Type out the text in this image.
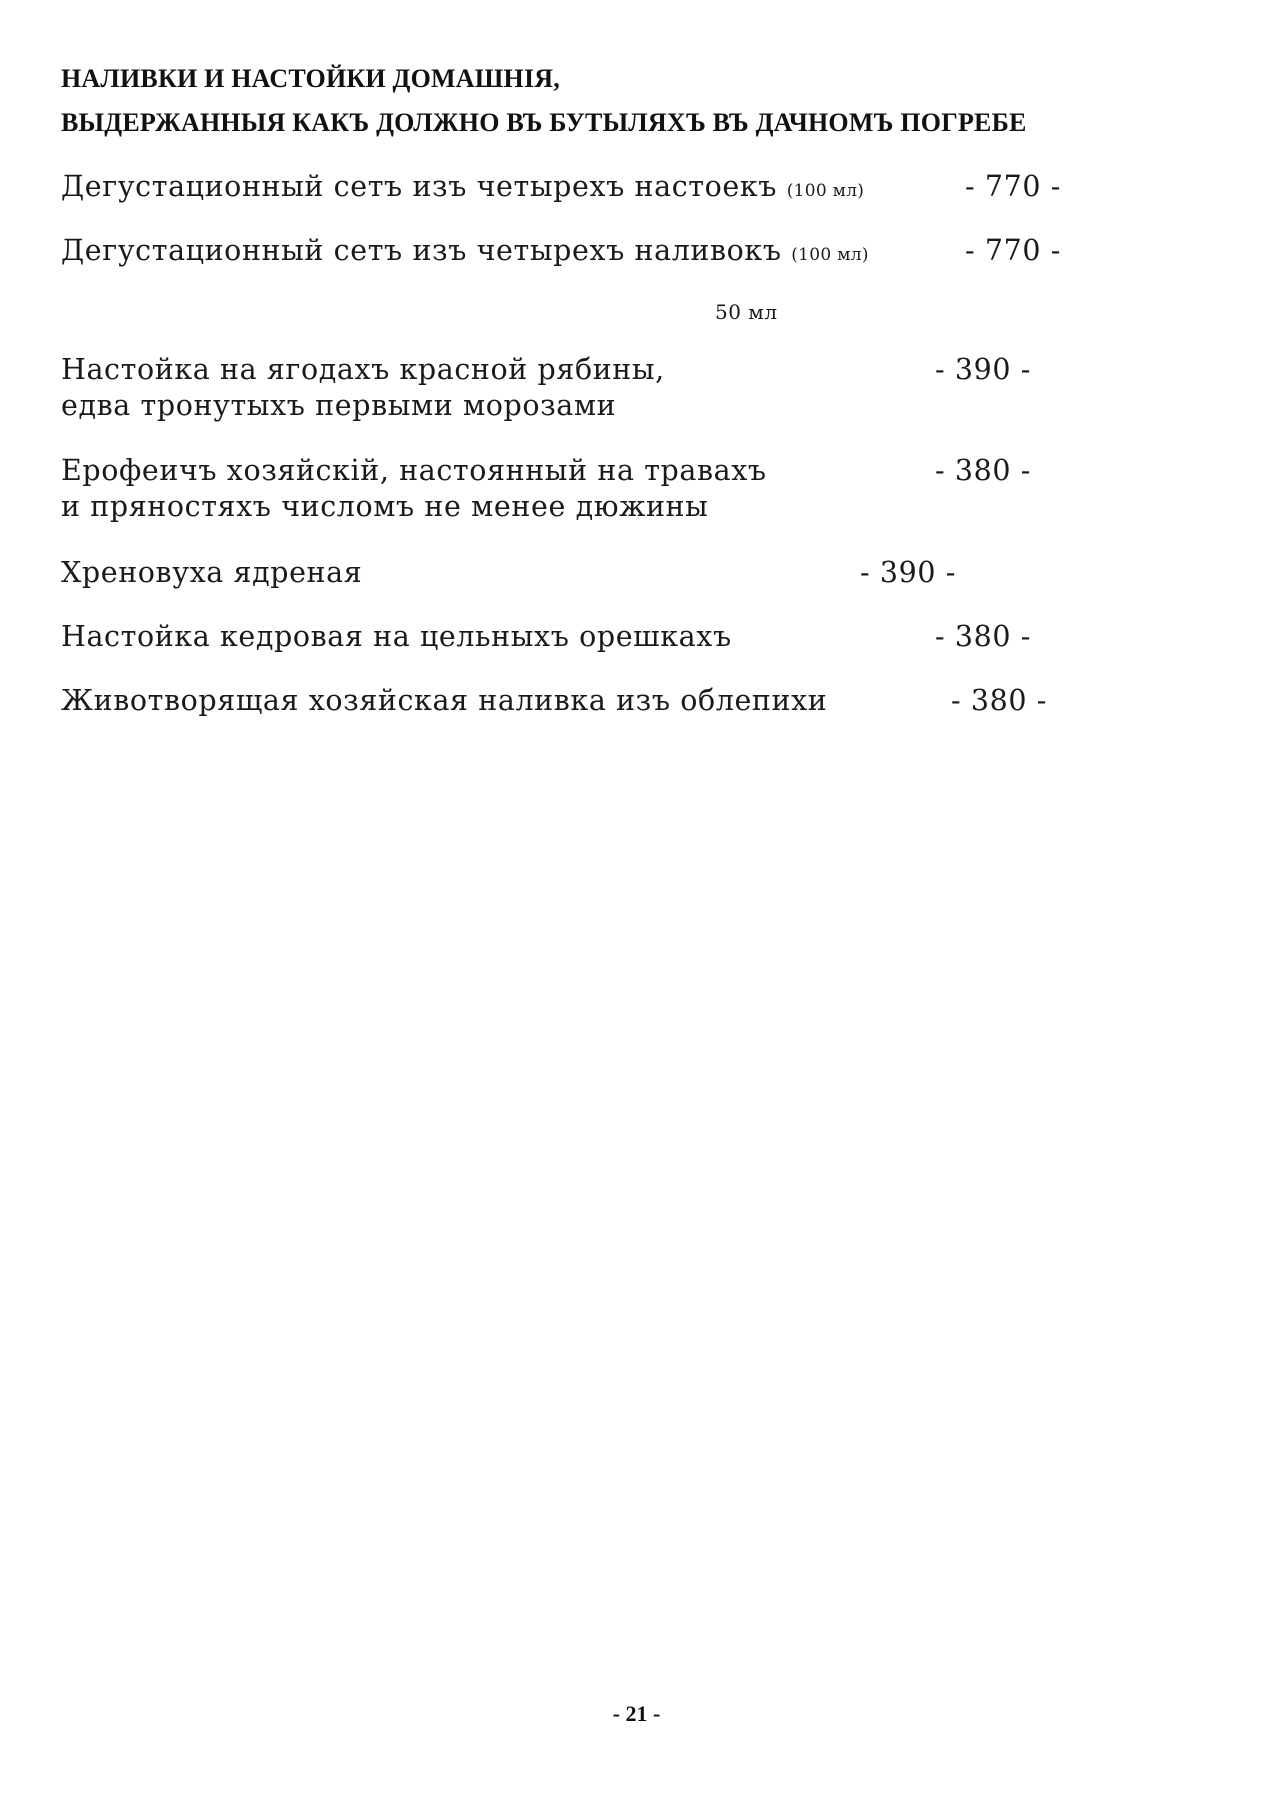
НАЛИВКИ И НАСТОЙКИ ДОМАШНІЯ,
ВЫДЕРЖАННЫЯ КАКЪ ДОЛЖНО ВЪ БУТЫЛЯХЪ ВЪ ДАЧНОМЪ ПОГРЕБЕ
Дегустационный сетъ изъ четырехъ настоекъ (100 мл)	- 770 -
Дегустационный сетъ изъ четырехъ наливокъ (100 мл)	- 770 -
50 мл
Настойка на ягодахъ красной рябины,
едва тронутыхъ первыми морозами
- 390 -
Ерофеичъ хозяйскій, настоянный на травахъ
и пряностяхъ числомъ не менее дюжины
- 380 -
Хреновуха ядреная	- 390 -
Настойка кедровая на цельныхъ орешкахъ	- 380 -
Животворящая хозяйская наливка изъ облепихи	- 380 -
- 21 -
